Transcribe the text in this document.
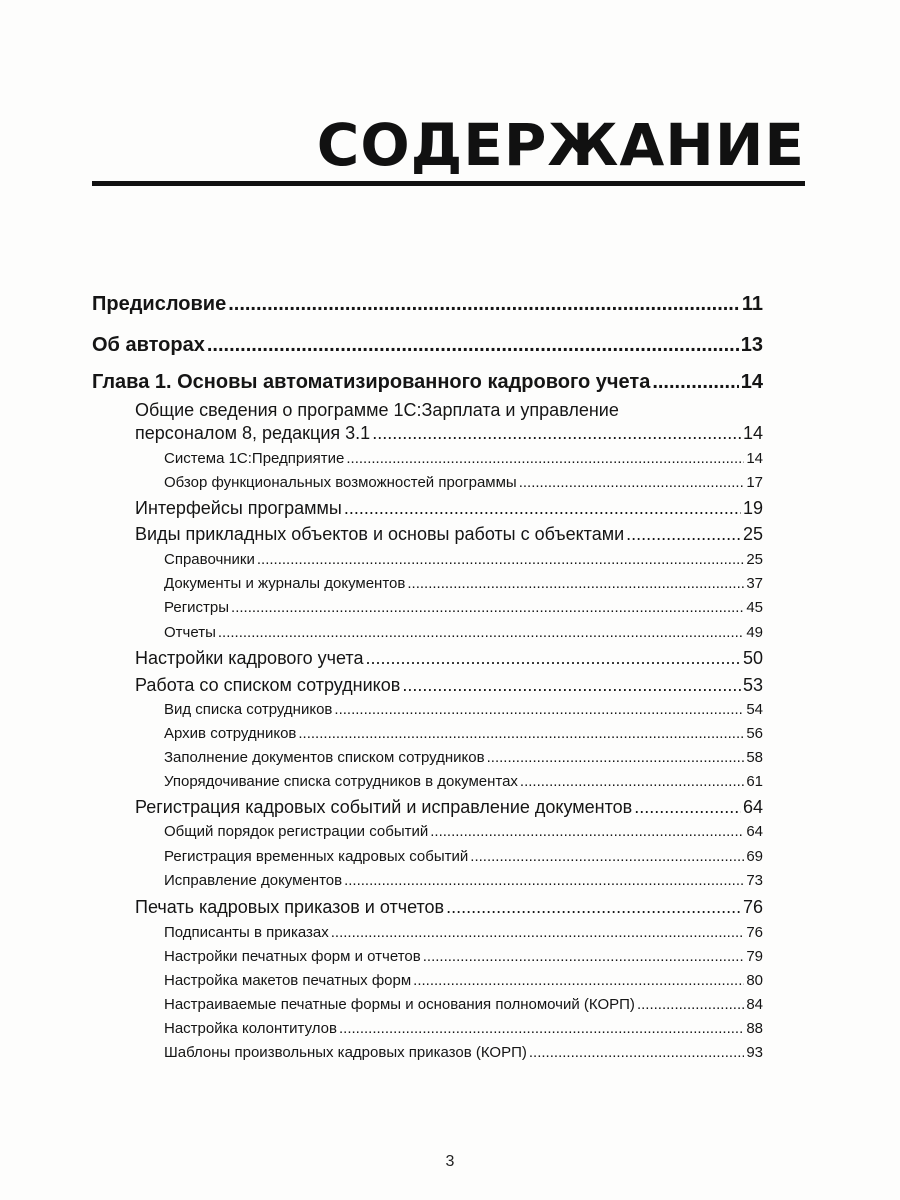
СОДЕРЖАНИЕ
Предисловие .....	11
Об авторах .....	13
Глава 1. Основы автоматизированного кадрового учета .....	14
Общие сведения о программе 1С:Зарплата и управление
персоналом 8, редакция 3.1 .....	14
Система 1С:Предприятие .....	14
Обзор функциональных возможностей программы .....	17
Интерфейсы программы .....	19
Виды прикладных объектов и основы работы с объектами .....	25
Справочники .....	25
Документы и журналы документов .....	37
Регистры .....	45
Отчеты .....	49
Настройки кадрового учета .....	50
Работа со списком сотрудников .....	53
Вид списка сотрудников .....	54
Архив сотрудников .....	56
Заполнение документов списком сотрудников .....	58
Упорядочивание списка сотрудников в документах .....	61
Регистрация кадровых событий и исправление документов .....	64
Общий порядок регистрации событий .....	64
Регистрация временных кадровых событий .....	69
Исправление документов .....	73
Печать кадровых приказов и отчетов .....	76
Подписанты в приказах .....	76
Настройки печатных форм и отчетов .....	79
Настройка макетов печатных форм .....	80
Настраиваемые печатные формы и основания полномочий (КОРП) .....	84
Настройка колонтитулов .....	88
Шаблоны произвольных кадровых приказов (КОРП) .....	93
3
